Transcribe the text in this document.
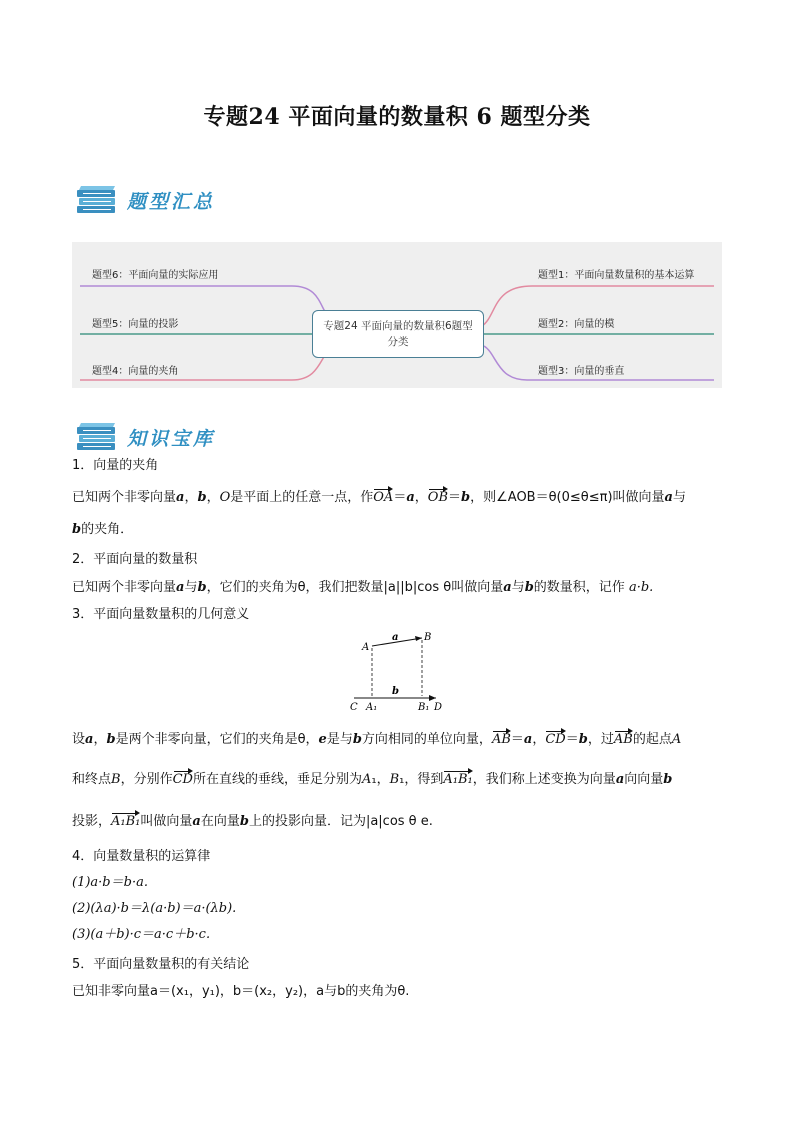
专题24 平面向量的数量积 6 题型分类
题型汇总
题型6：平面向量的实际应用
题型5：向量的投影
题型4：向量的夹角
题型1：平面向量数量积的基本运算
题型2：向量的模
题型3：向量的垂直
专题24 平面向量的数量积6题型分类
知识宝库
1．向量的夹角
已知两个非零向量a，b，O是平面上的任意一点，作OA＝a，OB＝b，则∠AOB＝θ(0≤θ≤π)叫做向量a与
b的夹角．
2．平面向量的数量积
已知两个非零向量a与b，它们的夹角为θ，我们把数量|a||b|cos θ叫做向量a与b的数量积，记作 a·b.
3．平面向量数量积的几何意义
A
B
a
b
C A₁	B₁ D
设a，b是两个非零向量，它们的夹角是θ，e是与b方向相同的单位向量，AB＝a，CD＝b，过AB的起点A
和终点B，分别作CD所在直线的垂线，垂足分别为A₁，B₁，得到A₁B₁，我们称上述变换为向量a向向量b
投影，A₁B₁叫做向量a在向量b上的投影向量．记为|a|cos θ e.
4．向量数量积的运算律
(1)a·b＝b·a.
(2)(λa)·b＝λ(a·b)＝a·(λb).
(3)(a＋b)·c＝a·c＋b·c.
5．平面向量数量积的有关结论
已知非零向量a＝(x₁，y₁)，b＝(x₂，y₂)，a与b的夹角为θ.
